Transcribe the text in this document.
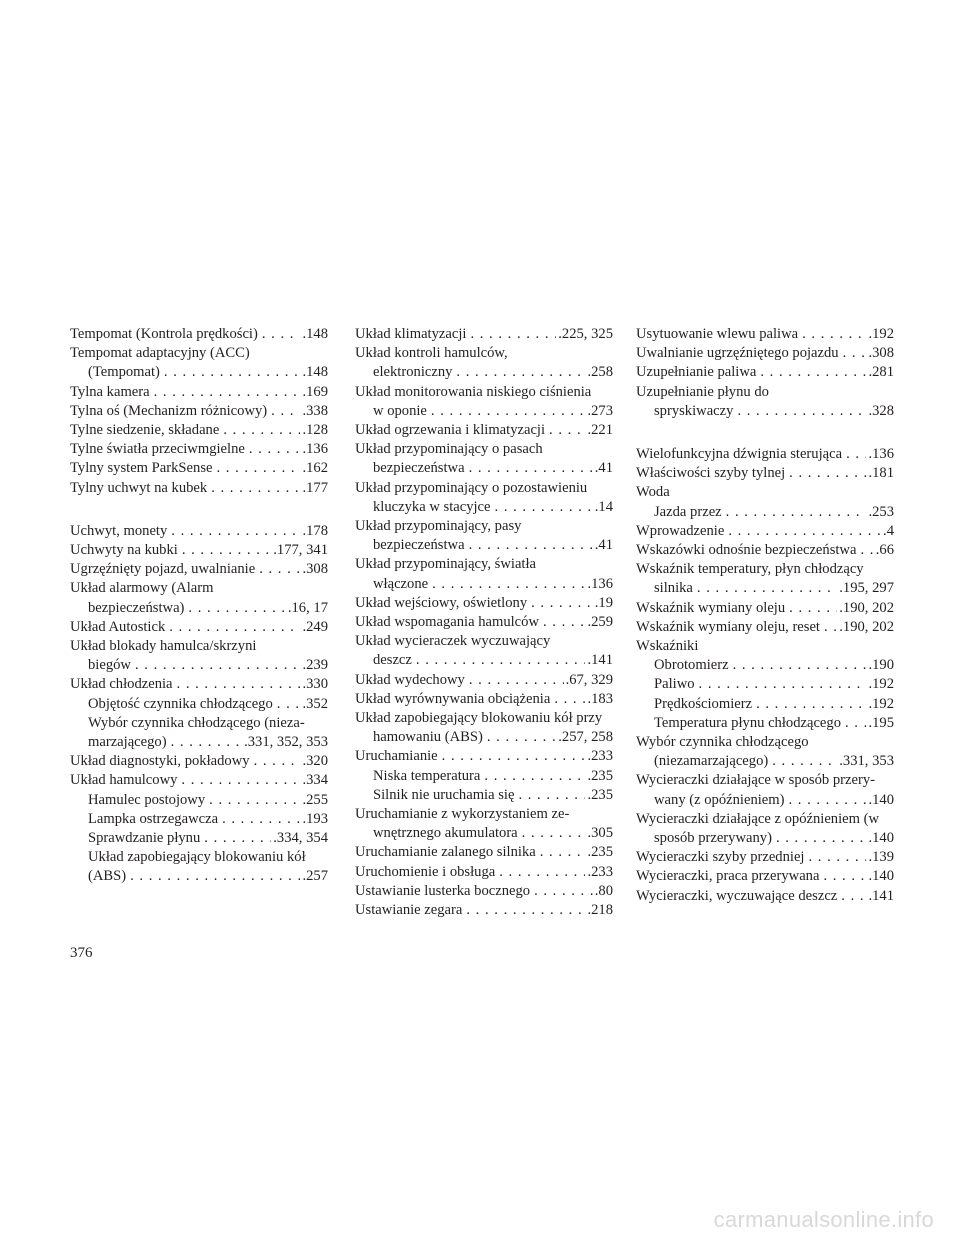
Tempomat (Kontrola prędkości) . . .	.148
Tempomat adaptacyjny (ACC)
(Tempomat) . . .	.148
Tylna kamera . . .	.169
Tylna oś (Mechanizm różnicowy) . . . .338
Tylne siedzenie, składane . . .	.128
Tylne światła przeciwmgielne . . .	.136
Tylny system ParkSense . . .	.162
Tylny uchwyt na kubek . . .	.177
Uchwyt, monety . . .	.178
Uchwyty na kubki . . .	.177, 341
Ugrzęźnięty pojazd, uwalnianie . . .	.308
Układ alarmowy (Alarm
bezpieczeństwa) . . .	.16, 17
Układ Autostick . . .	.249
Układ blokady hamulca/skrzyni
biegów . . .	.239
Układ chłodzenia . . .	.330
Objętość czynnika chłodzącego . . . .352
Wybór czynnika chłodzącego (nieza-
marzającego) . . .	.331, 352, 353
Układ diagnostyki, pokładowy . . .	.320
Układ hamulcowy . . .	.334
Hamulec postojowy . . .	.255
Lampka ostrzegawcza . . .	.193
Sprawdzanie płynu . . .	.334, 354
Układ zapobiegający blokowaniu kół
(ABS) . . .	.257
Układ klimatyzacji . . .	.225, 325
Układ kontroli hamulców,
elektroniczny . . .	.258
Układ monitorowania niskiego ciśnienia
w oponie . . .	.273
Układ ogrzewania i klimatyzacji . . .	.221
Układ przypominający o pasach
bezpieczeństwa . . .	.41
Układ przypominający o pozostawieniu
kluczyka w stacyjce . . .	.14
Układ przypominający, pasy
bezpieczeństwa . . .	.41
Układ przypominający, światła
włączone . . .	.136
Układ wejściowy, oświetlony . . .	.19
Układ wspomagania hamulców . . .	.259
Układ wycieraczek wyczuwający
deszcz . . .	.141
Układ wydechowy . . .	.67, 329
Układ wyrównywania obciążenia . . .	.183
Układ zapobiegający blokowaniu kół przy
hamowaniu (ABS) . . .	.257, 258
Uruchamianie . . .	.233
Niska temperatura . . .	.235
Silnik nie uruchamia się . . .	.235
Uruchamianie z wykorzystaniem ze-
wnętrznego akumulatora . . .	.305
Uruchamianie zalanego silnika . . .	.235
Uruchomienie i obsługa . . .	.233
Ustawianie lusterka bocznego . . .	.80
Ustawianie zegara . . .	.218
Usytuowanie wlewu paliwa . . .	.192
Uwalnianie ugrzęźniętego pojazdu . . . .308
Uzupełnianie paliwa . . .	.281
Uzupełnianie płynu do
spryskiwaczy . . .	.328
Wielofunkcyjna dźwignia sterująca . . . .136
Właściwości szyby tylnej . . .	.181
Woda
Jazda przez . . .	.253
Wprowadzenie . . .	.4
Wskazówki odnośnie bezpieczeństwa . . . .66
Wskaźnik temperatury, płyn chłodzący
silnika . . .	.195, 297
Wskaźnik wymiany oleju . . .	.190, 202
Wskaźnik wymiany oleju, reset . . . .190, 202
Wskaźniki
Obrotomierz . . .	.190
Paliwo . . .	.192
Prędkościomierz . . .	.192
Temperatura płynu chłodzącego . . . .195
Wybór czynnika chłodzącego
(niezamarzającego) . . .	.331, 353
Wycieraczki działające w sposób przery-
wany (z opóźnieniem) . . .	.140
Wycieraczki działające z opóźnieniem (w
sposób przerywany) . . .	.140
Wycieraczki szyby przedniej . . .	.139
Wycieraczki, praca przerywana . . .	.140
Wycieraczki, wyczuwające deszcz . . . .141
376
carmanualsonline.info
